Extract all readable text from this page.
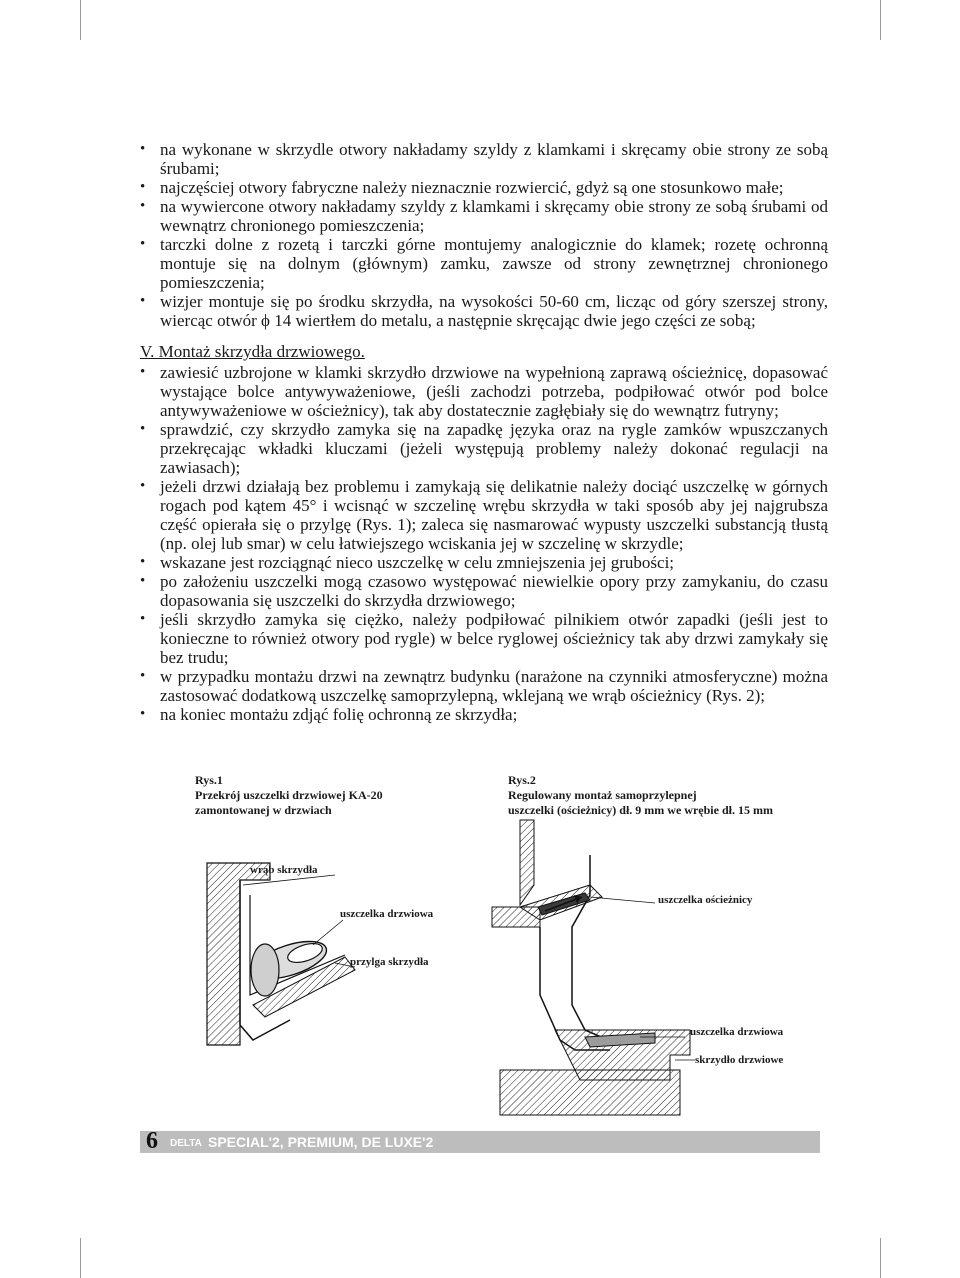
• na wykonane w skrzydle otwory nakładamy szyldy z klamkami i skręcamy obie strony ze sobą śrubami;
• najczęściej otwory fabryczne należy nieznacznie rozwiercić, gdyż są one stosunkowo małe;
• na wywiercone otwory nakładamy szyldy z klamkami i skręcamy obie strony ze sobą śrubami od wewnątrz chronionego pomieszczenia;
• tarczki dolne z rozetą i tarczki górne montujemy analogicznie do klamek; rozetę ochronną montuje się na dolnym (głównym) zamku, zawsze od strony zewnętrznej chronionego pomieszczenia;
• wizjer montuje się po środku skrzydła, na wysokości 50-60 cm, licząc od góry szerszej strony, wiercąc otwór ϕ 14 wiertłem do metalu, a następnie skręcając dwie jego części ze sobą;
V. Montaż skrzydła drzwiowego.
• zawiesić uzbrojone w klamki skrzydło drzwiowe na wypełnioną zaprawą ościeżnicę, dopasować wystające bolce antywyważeniowe, (jeśli zachodzi potrzeba, podpiłować otwór pod bolce antywyważeniowe w ościeżnicy), tak aby dostatecznie zagłębiały się do wewnątrz futryny;
• sprawdzić, czy skrzydło zamyka się na zapadkę języka oraz na rygle zamków wpuszczanych przekręcając wkładki kluczami (jeżeli występują problemy należy dokonać regulacji na zawiasach);
• jeżeli drzwi działają bez problemu i zamykają się delikatnie należy dociąć uszczelkę w górnych rogach pod kątem 45° i wcisnąć w szczelinę wrębu skrzydła w taki sposób aby jej najgrubsza część opierała się o przylgę (Rys. 1); zaleca się nasmarować wypusty uszczelki substancją tłustą (np. olej lub smar) w celu łatwiejszego wciskania jej w szczelinę w skrzydle;
• wskazane jest rozciągnąć nieco uszczelkę w celu zmniejszenia jej grubości;
• po założeniu uszczelki mogą czasowo występować niewielkie opory przy zamykaniu, do czasu dopasowania się uszczelki do skrzydła drzwiowego;
• jeśli skrzydło zamyka się ciężko, należy podpiłować pilnikiem otwór zapadki (jeśli jest to konieczne to również otwory pod rygle) w belce ryglowej ościeżnicy tak aby drzwi zamykały się bez trudu;
• w przypadku montażu drzwi na zewnątrz budynku (narażone na czynniki atmosferyczne) można zastosować dodatkową uszczelkę samoprzylepną, wklejaną we wrąb ościeżnicy (Rys. 2);
• na koniec montażu zdjąć folię ochronną ze skrzydła;
Rys.1
Przekrój uszczelki drzwiowej KA-20
zamontowanej w drzwiach
Rys.2
Regulowany montaż samoprzylepnej
uszczelki (ościeżnicy) dł. 9 mm we wrębie dł. 15 mm
wrąb skrzydła
uszczelka drzwiowa
przylga skrzydła
uszczelka ościeżnicy
uszczelka drzwiowa
skrzydło drzwiowe
6 DELTA SPECIAL'2, PREMIUM, DE LUXE'2
